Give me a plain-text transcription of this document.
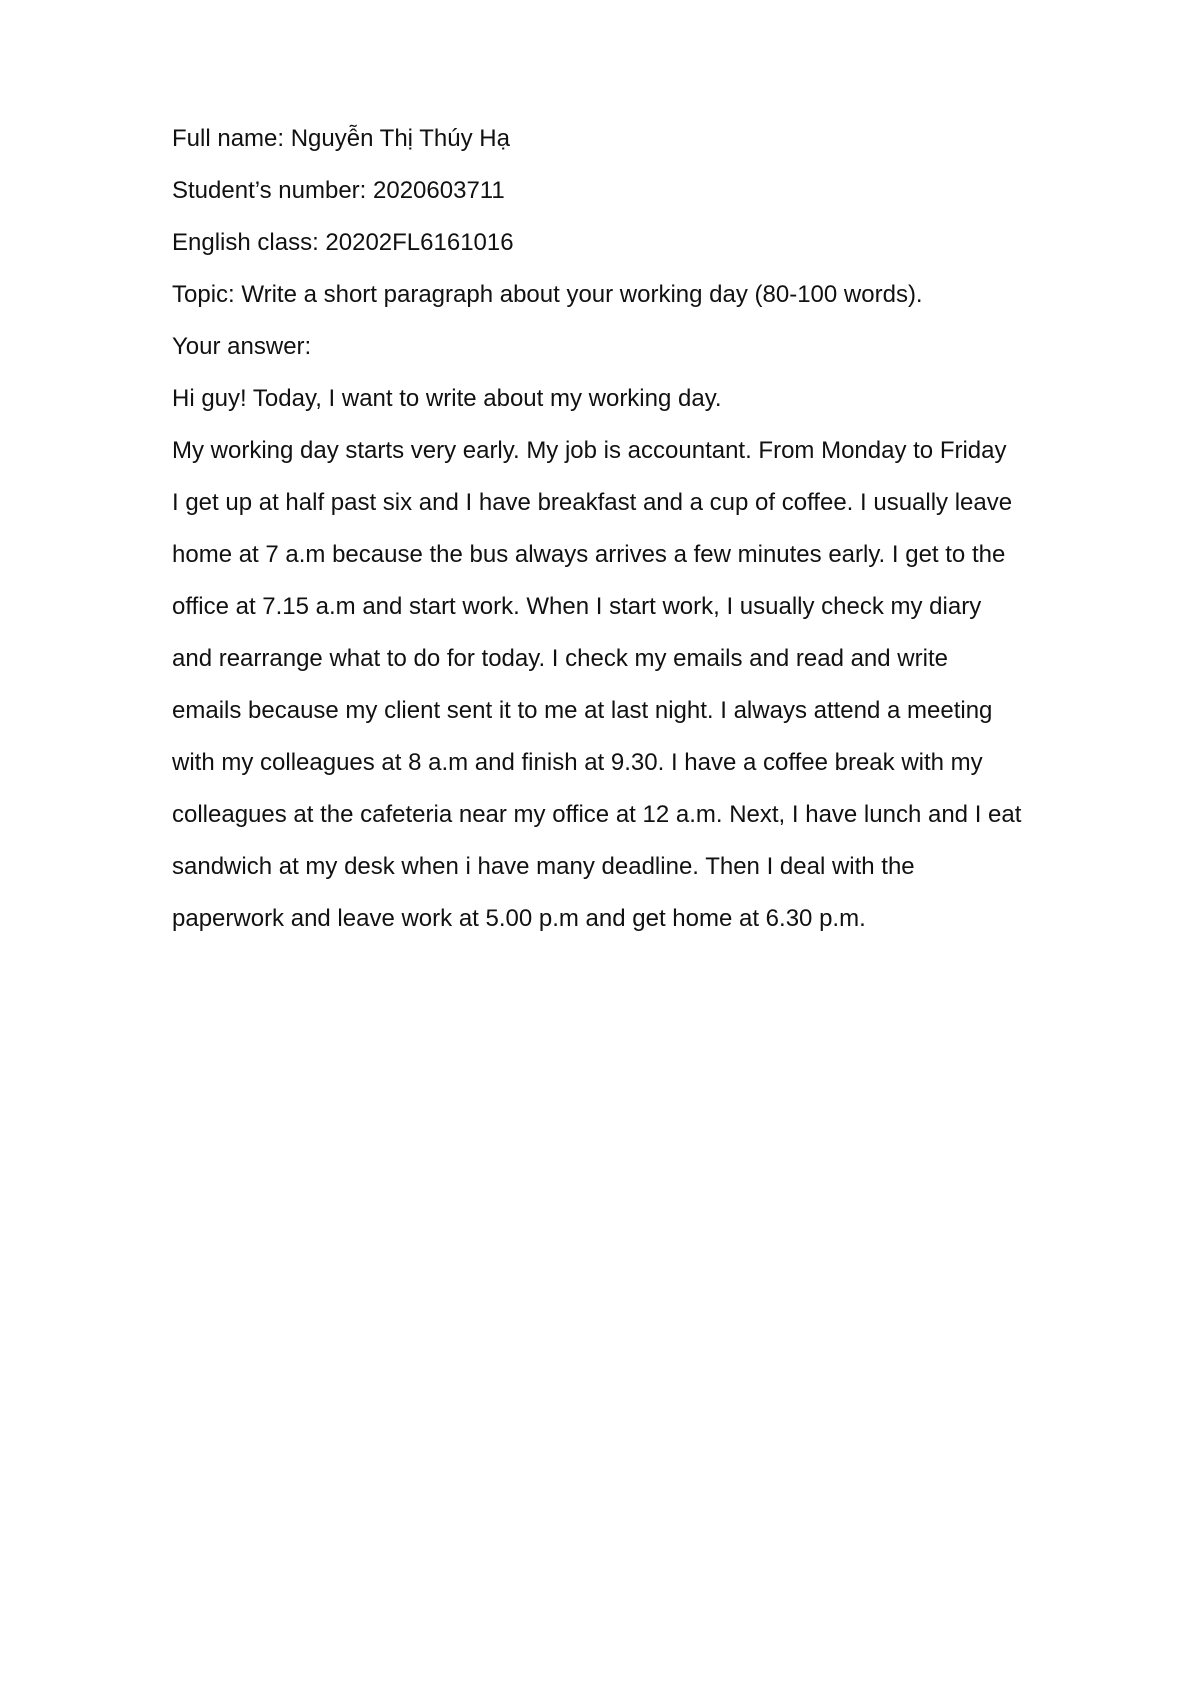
Full name: Nguyễn Thị Thúy Hạ

Student’s number: 2020603711

English class: 20202FL6161016

Topic: Write a short paragraph about your working day (80-100 words).

Your answer:

Hi guy! Today, I want to write about my working day.

My working day starts very early. My job is accountant. From Monday to Friday

I get up at half past six and I have breakfast and a cup of coffee. I usually leave

home at 7 a.m because the bus always arrives a few minutes early. I get to the

office at 7.15 a.m and start work. When I start work, I usually check my diary

and rearrange what to do for today. I check my emails and read and write

emails because my client sent it to me at last night. I always attend a meeting

with my colleagues at 8 a.m and finish at 9.30. I have a coffee break with my

colleagues at the cafeteria near my office at 12 a.m. Next, I have lunch and I eat

sandwich at my desk when i have many deadline. Then I deal with the

paperwork and leave work at 5.00 p.m and get home at 6.30 p.m.
